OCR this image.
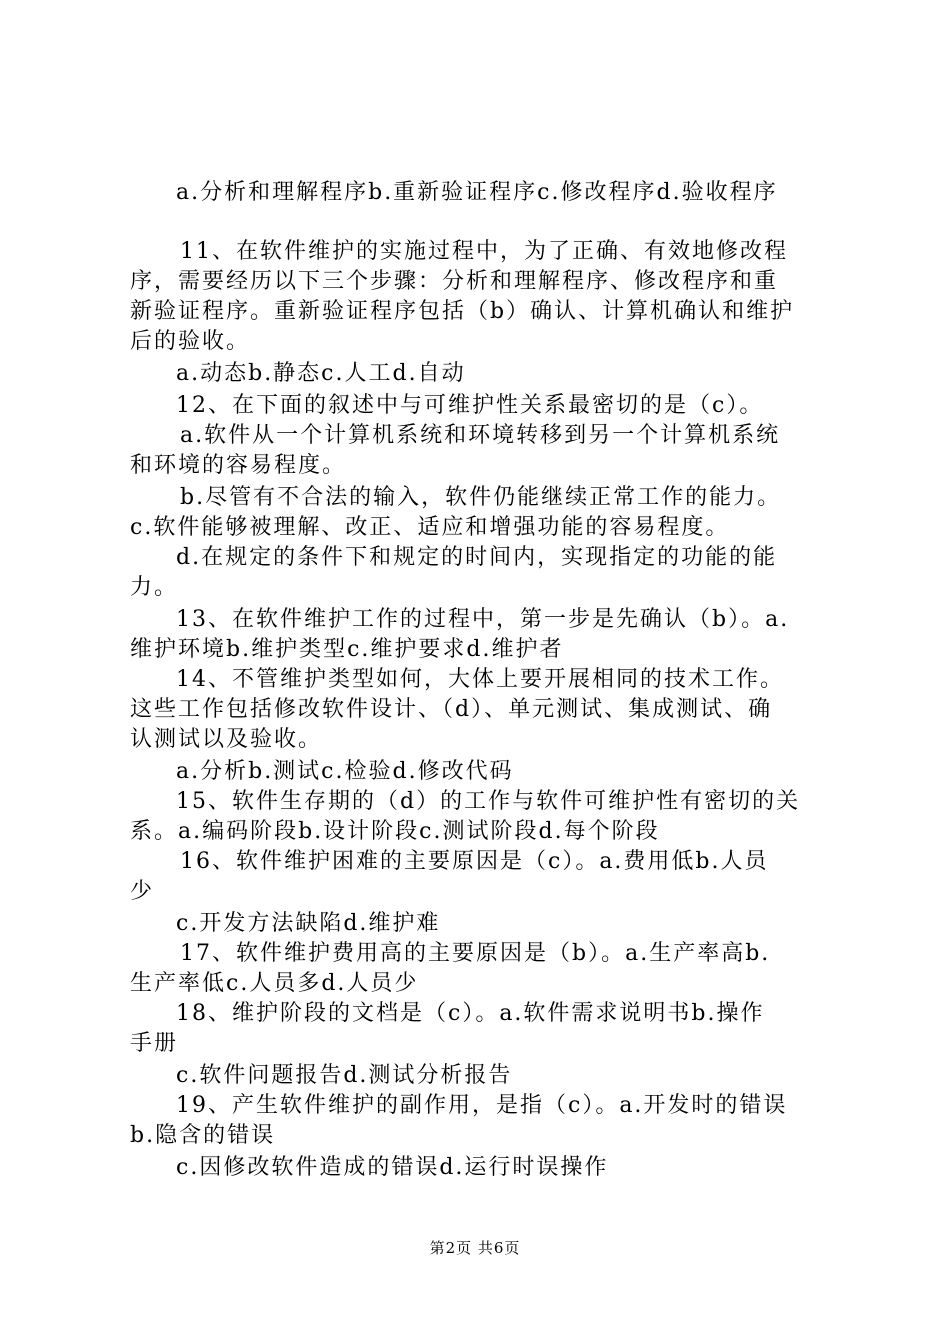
a.分析和理解程序b.重新验证程序c.修改程序d.验收程序
11、在软件维护的实施过程中，为了正确、有效地修改程
序，需要经历以下三个步骤：分析和理解程序、修改程序和重
新验证程序。重新验证程序包括（b）确认、计算机确认和维护
后的验收。
a.动态b.静态c.人工d.自动
12、在下面的叙述中与可维护性关系最密切的是（c）。
a.软件从一个计算机系统和环境转移到另一个计算机系统
和环境的容易程度。
b.尽管有不合法的输入，软件仍能继续正常工作的能力。
c.软件能够被理解、改正、适应和增强功能的容易程度。
d.在规定的条件下和规定的时间内，实现指定的功能的能
力。
13、在软件维护工作的过程中，第一步是先确认（b）。a.
维护环境b.维护类型c.维护要求d.维护者
14、不管维护类型如何，大体上要开展相同的技术工作。
这些工作包括修改软件设计、（d）、单元测试、集成测试、确
认测试以及验收。
a.分析b.测试c.检验d.修改代码
15、软件生存期的（d）的工作与软件可维护性有密切的关
系。a.编码阶段b.设计阶段c.测试阶段d.每个阶段
16、软件维护困难的主要原因是（c）。a.费用低b.人员
少
c.开发方法缺陷d.维护难
17、软件维护费用高的主要原因是（b）。a.生产率高b.
生产率低c.人员多d.人员少
18、维护阶段的文档是（c）。a.软件需求说明书b.操作
手册
c.软件问题报告d.测试分析报告
19、产生软件维护的副作用，是指（c）。a.开发时的错误
b.隐含的错误
c.因修改软件造成的错误d.运行时误操作
第2页 共6页
